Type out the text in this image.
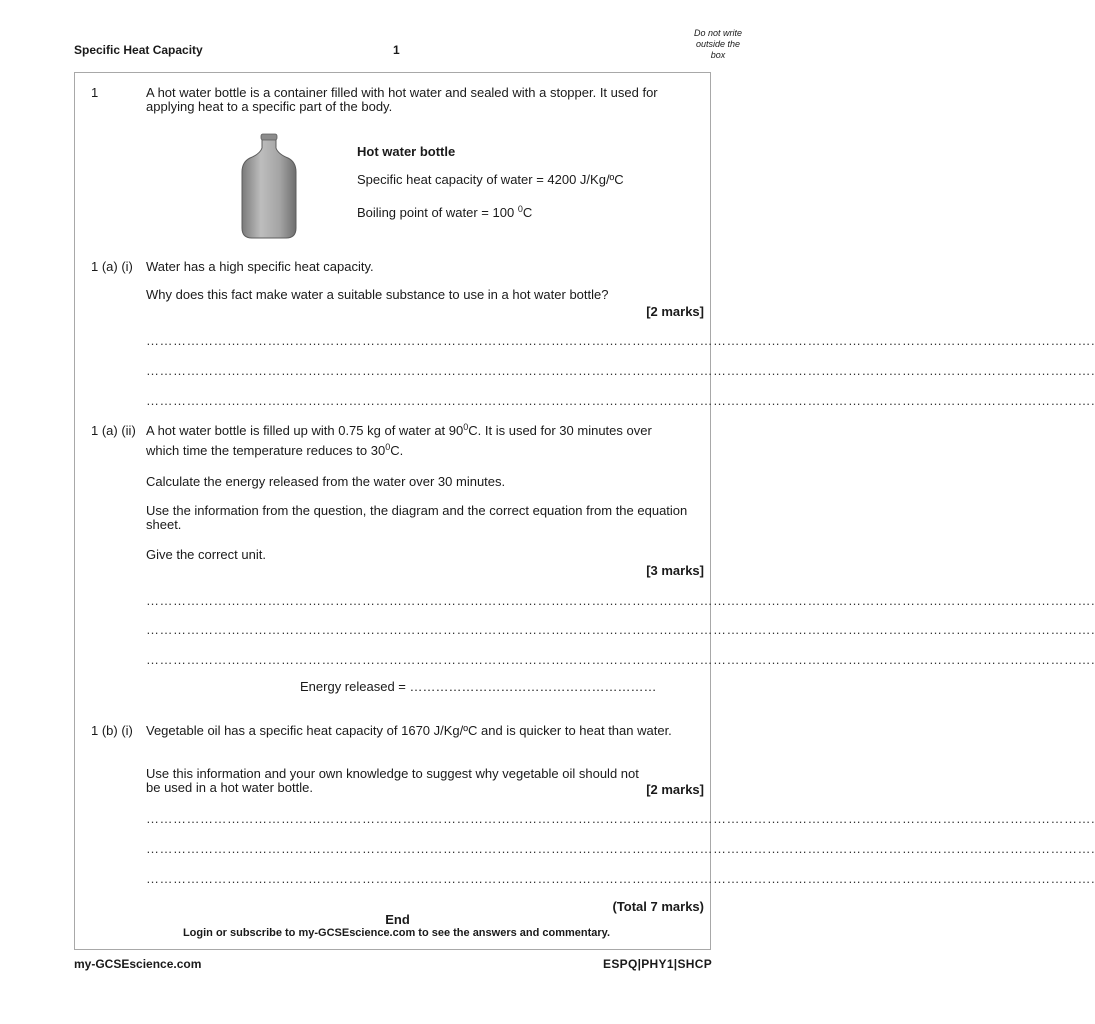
Specific Heat Capacity	1
Do not write outside the box
1	A hot water bottle is a container filled with hot water and sealed with a stopper. It used for applying heat to a specific part of the body.
Hot water bottle
Specific heat capacity of water = 4200 J/Kg/ºC
Boiling point of water = 100 $^0$C
1 (a) (i) Water has a high specific heat capacity.
Why does this fact make water a suitable substance to use in a hot water bottle?
[2 marks]
………………………………………………………………………………………………………………………………………………………………………………………….
………………………………………………………………………………………………………………………………………………………………………………………….
………………………………………………………………………………………………………………………………………………………………………………………….
1 (a) (ii) A hot water bottle is filled up with 0.75 kg of water at $90^0C$. It is used for 30 minutes over
which time the temperature reduces to $30^0C$.
Calculate the energy released from the water over 30 minutes.
Use the information from the question, the diagram and the correct equation from the equation sheet.
Give the correct unit.
[3 marks]
………………………………………………………………………………………………………………………………………………………………………………………….
………………………………………………………………………………………………………………………………………………………………………………………….
………………………………………………………………………………………………………………………………………………………………………………………….
Energy released = …………………………………………………
1 (b) (i) Vegetable oil has a specific heat capacity of 1670 J/Kg/ºC and is quicker to heat than water.
Use this information and your own knowledge to suggest why vegetable oil should not be used in a hot water bottle.	[2 marks]
………………………………………………………………………………………………………………………………………………………………………………………….
………………………………………………………………………………………………………………………………………………………………………………………….
………………………………………………………………………………………………………………………………………………………………………………………….
(Total 7 marks)
End
Login or subscribe to my-GCSEscience.com to see the answers and commentary.
my-GCSEscience.com	ESPQ|PHY1|SHCP
